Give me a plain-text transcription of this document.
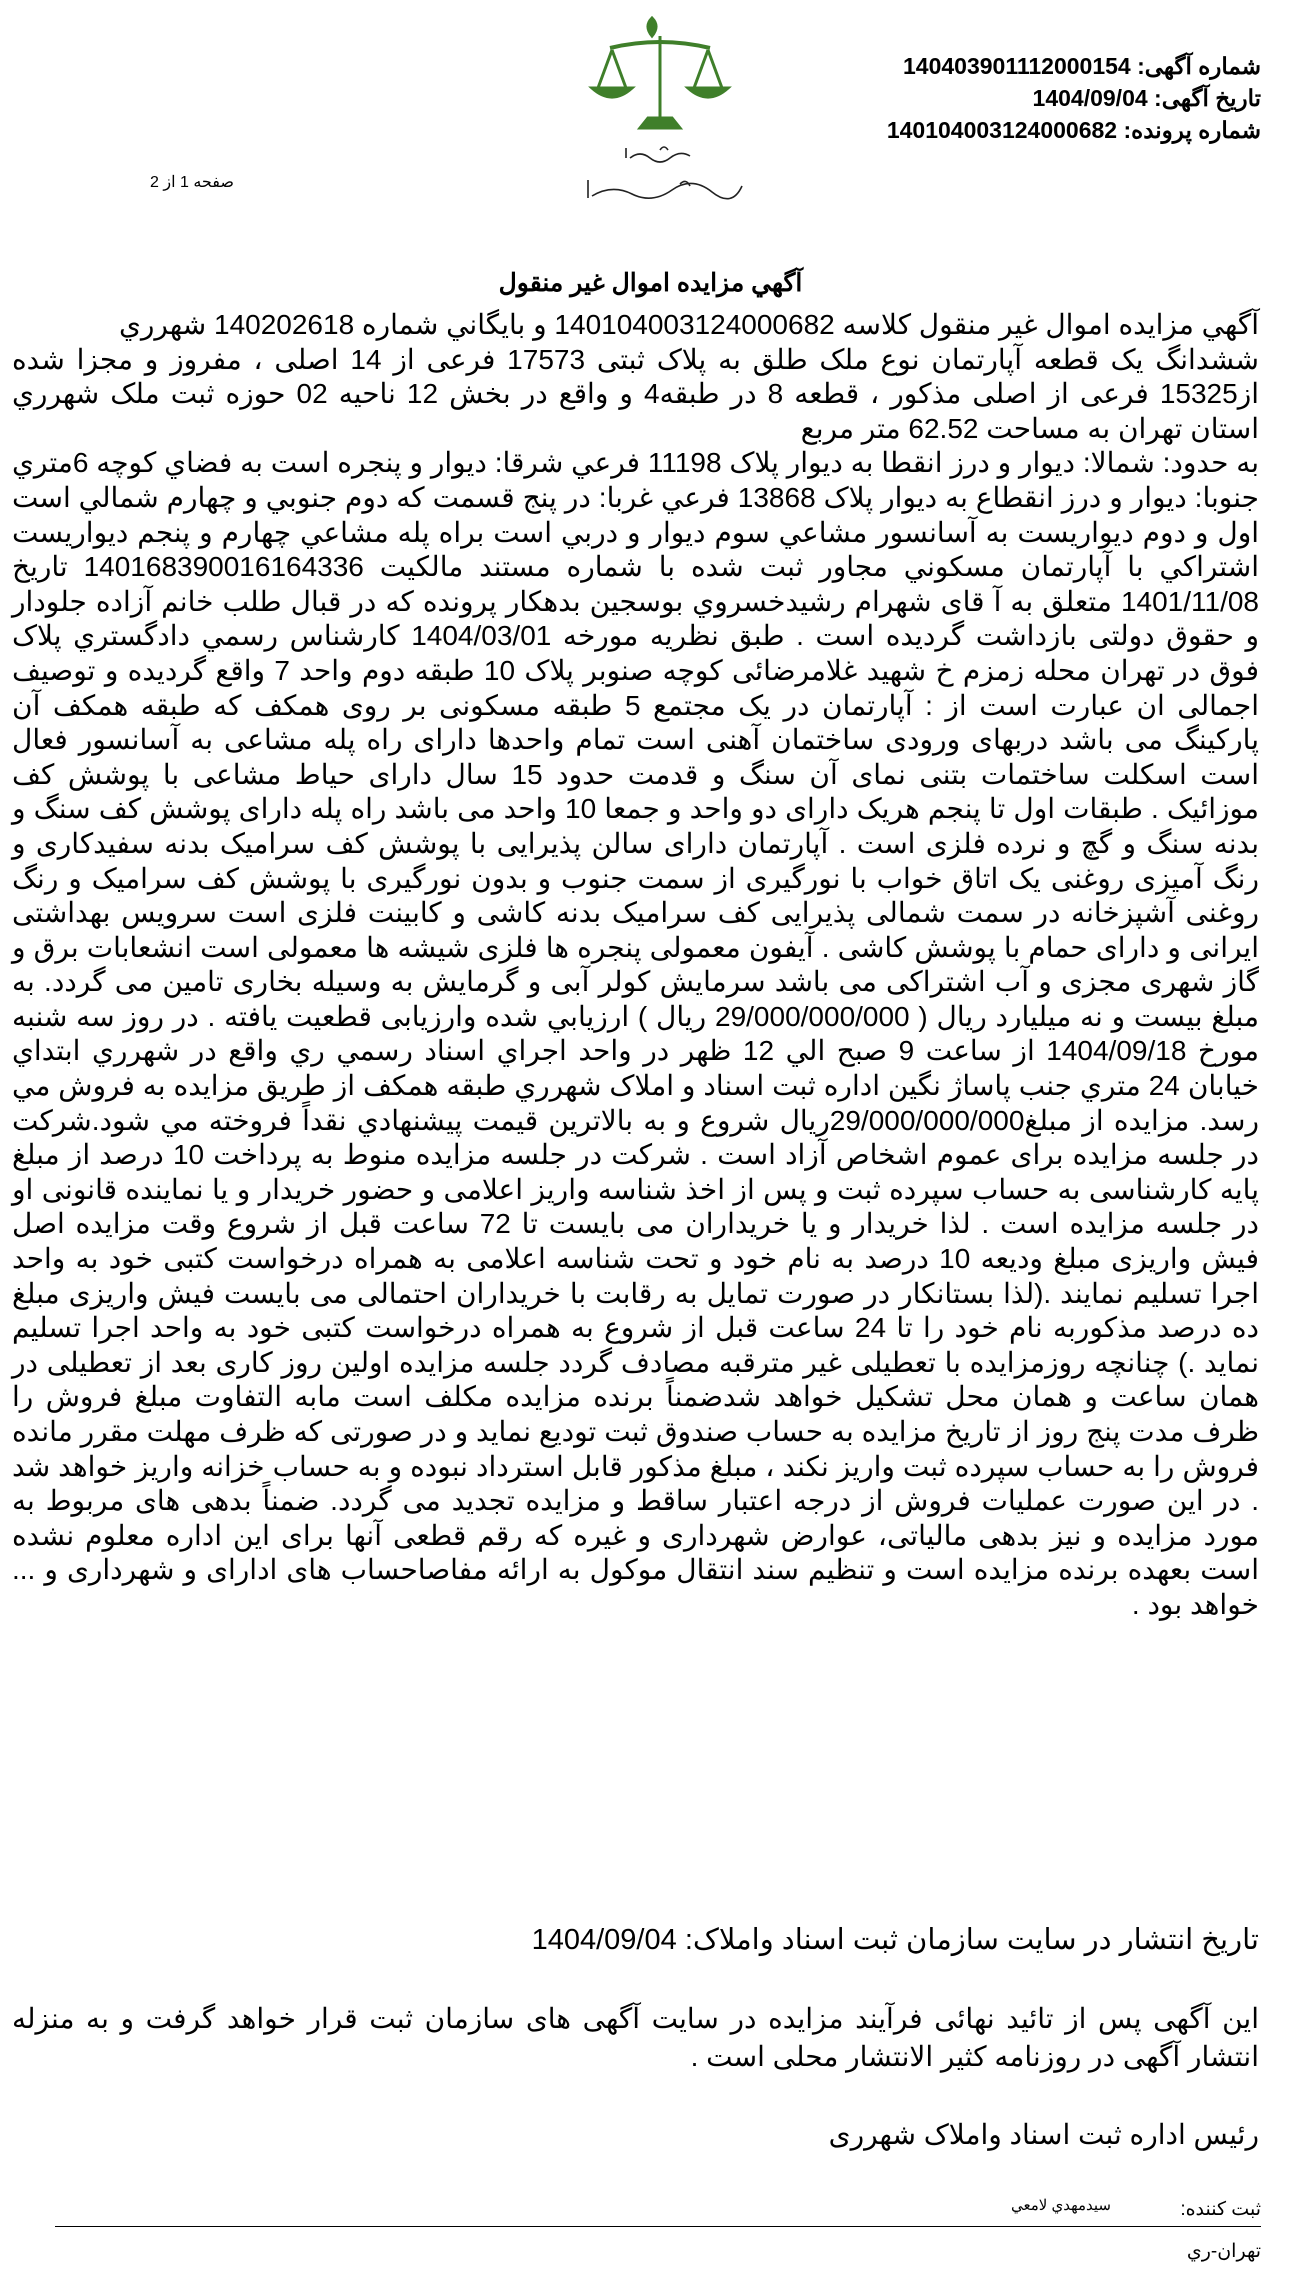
شماره آگهی: 140403901112000154
تاریخ آگهی: 1404/09/04
شماره پرونده: 140104003124000682
صفحه 1 از 2
آگهي مزايده اموال غير منقول

آگهي مزايده اموال غير منقول كلاسه 140104003124000682 و بايگاني شماره 140202618 شهرري

ششدانگ يک قطعه آپارتمان نوع ملک طلق به پلاک ثبتی 17573 فرعی از 14 اصلی ، مفروز و مجزا شده از15325 فرعی از اصلی مذکور ، قطعه 8 در طبقه4 و واقع در بخش 12 ناحيه 02 حوزه ثبت ملک شهرري استان تهران به مساحت 62.52 متر مربع

به حدود: شمالا: ديوار و درز انقطا به ديوار پلاک 11198 فرعي شرقا: ديوار و پنجره است به فضاي كوچه 6متري جنوبا: ديوار و درز انقطاع به ديوار پلاک 13868 فرعي غربا: در پنج قسمت كه دوم جنوبي و چهارم شمالي است اول و دوم ديواريست به آسانسور مشاعي سوم ديوار و دربي است براه پله مشاعي چهارم و پنجم ديواريست اشتراكي با آپارتمان مسكوني مجاور ثبت شده با شماره مستند مالكيت 140168390016164336 تاريخ 1401/11/08 متعلق به آ قای شهرام رشيدخسروي بوسجين بدهكار پرونده كه در قبال طلب خانم آزاده جلودار و حقوق دولتی بازداشت گرديده است . طبق نظريه مورخه 1404/03/01 كارشناس رسمي دادگستري پلاک فوق در تهران محله زمزم خ شهيد غلامرضائی كوچه صنوبر پلاک 10 طبقه دوم واحد 7 واقع گرديده و توصيف اجمالی ان عبارت است از : آپارتمان در يک مجتمع 5 طبقه مسكونی بر روی همكف كه طبقه همكف آن پاركينگ می باشد دربهای ورودی ساختمان آهنی است تمام واحدها دارای راه پله مشاعی به آسانسور فعال است اسكلت ساختمات بتنی نمای آن سنگ و قدمت حدود 15 سال دارای حياط مشاعی با پوشش كف موزائيک . طبقات اول تا پنجم هريک دارای دو واحد و جمعا 10 واحد می باشد راه پله دارای پوشش كف سنگ و بدنه سنگ و گچ و نرده فلزی است . آپارتمان دارای سالن پذيرايی با پوشش كف سراميک بدنه سفيدكاری و رنگ آميزی روغنی يک اتاق خواب با نورگيری از سمت جنوب و بدون نورگيری با پوشش كف سراميک و رنگ روغنی آشپزخانه در سمت شمالی پذيرايی كف سراميک بدنه كاشی و كابينت فلزی است سرويس بهداشتی ايرانی و دارای حمام با پوشش كاشی . آيفون معمولی پنجره ها فلزی شيشه ها معمولی است انشعابات برق و گاز شهری مجزی و آب اشتراكی می باشد سرمايش كولر آبی و گرمايش به وسيله بخاری تامين می گردد. به مبلغ بيست و نه ميليارد ريال ( 29/000/000/000 ريال ) ارزيابي شده وارزيابی قطعيت يافته . در روز سه شنبه مورخ 1404/09/18 از ساعت 9 صبح الي 12 ظهر در واحد اجراي اسناد رسمي ري واقع در شهرري ابتداي خيابان 24 متري جنب پاساژ نگين اداره ثبت اسناد و املاک شهرري طبقه همكف از طريق مزايده به فروش مي رسد. مزايده از مبلغ29/000/000/000ريال شروع و به بالاترين قيمت پيشنهادي نقداً فروخته مي شود.شركت در جلسه مزايده برای عموم اشخاص آزاد است . شركت در جلسه مزايده منوط به پرداخت 10 درصد از مبلغ پايه كارشناسی به حساب سپرده ثبت و پس از اخذ شناسه واريز اعلامی و حضور خريدار و يا نماينده قانونی او در جلسه مزايده است . لذا خريدار و يا خريداران می بايست تا 72 ساعت قبل از شروع وقت مزايده اصل فيش واريزی مبلغ وديعه 10 درصد به نام خود و تحت شناسه اعلامی به همراه درخواست كتبی خود به واحد اجرا تسليم نمايند .(لذا بستانكار در صورت تمايل به رقابت با خريداران احتمالی می بايست فيش واريزی مبلغ ده درصد مذكوربه نام خود را تا 24 ساعت قبل از شروع به همراه درخواست كتبی خود به واحد اجرا تسليم نمايد .) چنانچه روزمزايده با تعطيلی غير مترقبه مصادف گردد جلسه مزايده اولين روز كاری بعد از تعطيلی در همان ساعت و همان محل تشكيل خواهد شدضمناً برنده مزايده مكلف است مابه التفاوت مبلغ فروش را ظرف مدت پنج روز از تاريخ مزايده به حساب صندوق ثبت توديع نمايد و در صورتی كه ظرف مهلت مقرر مانده فروش را به حساب سپرده ثبت واريز نكند ، مبلغ مذكور قابل استرداد نبوده و به حساب خزانه واريز خواهد شد . در اين صورت عمليات فروش از درجه اعتبار ساقط و مزايده تجديد می گردد. ضمناً بدهی های مربوط به مورد مزايده و نيز بدهی مالياتی، عوارض شهرداری و غيره كه رقم قطعی آنها برای اين اداره معلوم نشده است بعهده برنده مزايده است و تنظيم سند انتقال موكول به ارائه مفاصاحساب های ادارای و شهرداری و ... خواهد بود .

تاريخ انتشار در سايت سازمان ثبت اسناد واملاک: 1404/09/04
اين آگهی پس از تائيد نهائی فرآيند مزايده در سايت آگهی های سازمان ثبت قرار خواهد گرفت و به منزله انتشار آگهی در روزنامه كثير الانتشار محلی است .
رئيس اداره ثبت اسناد واملاک شهرری
ثبت كننده:
سيدمهدي لامعي
تهران-ري
